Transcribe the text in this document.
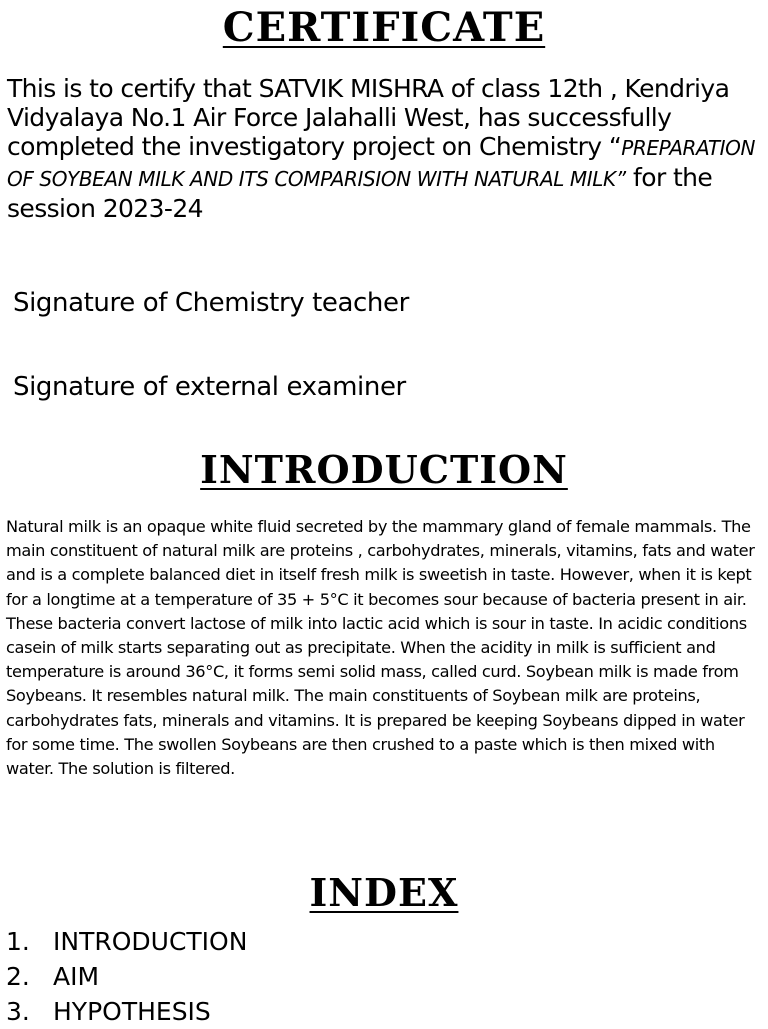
CERTIFICATE

This is to certify that SATVIK MISHRA of class 12th , Kendriya Vidyalaya No.1 Air Force Jalahalli West, has successfully completed the investigatory project on Chemistry “PREPARATION OF SOYBEAN MILK AND ITS COMPARISION WITH NATURAL MILK” for the session 2023-24

Signature of Chemistry teacher

Signature of external examiner

INTRODUCTION

Natural milk is an opaque white fluid secreted by the mammary gland of female mammals. The main constituent of natural milk are proteins , carbohydrates, minerals, vitamins, fats and water and is a complete balanced diet in itself fresh milk is sweetish in taste. However, when it is kept for a longtime at a temperature of 35 + 5°C it becomes sour because of bacteria present in air. These bacteria convert lactose of milk into lactic acid which is sour in taste. In acidic conditions casein of milk starts separating out as precipitate. When the acidity in milk is sufficient and temperature is around 36°C, it forms semi solid mass, called curd. Soybean milk is made from Soybeans. It resembles natural milk. The main constituents of Soybean milk are proteins, carbohydrates fats, minerals and vitamins. It is prepared be keeping Soybeans dipped in water for some time. The swollen Soybeans are then crushed to a paste which is then mixed with water. The solution is filtered.

INDEX
1. INTRODUCTION
2. AIM
3. HYPOTHESIS
